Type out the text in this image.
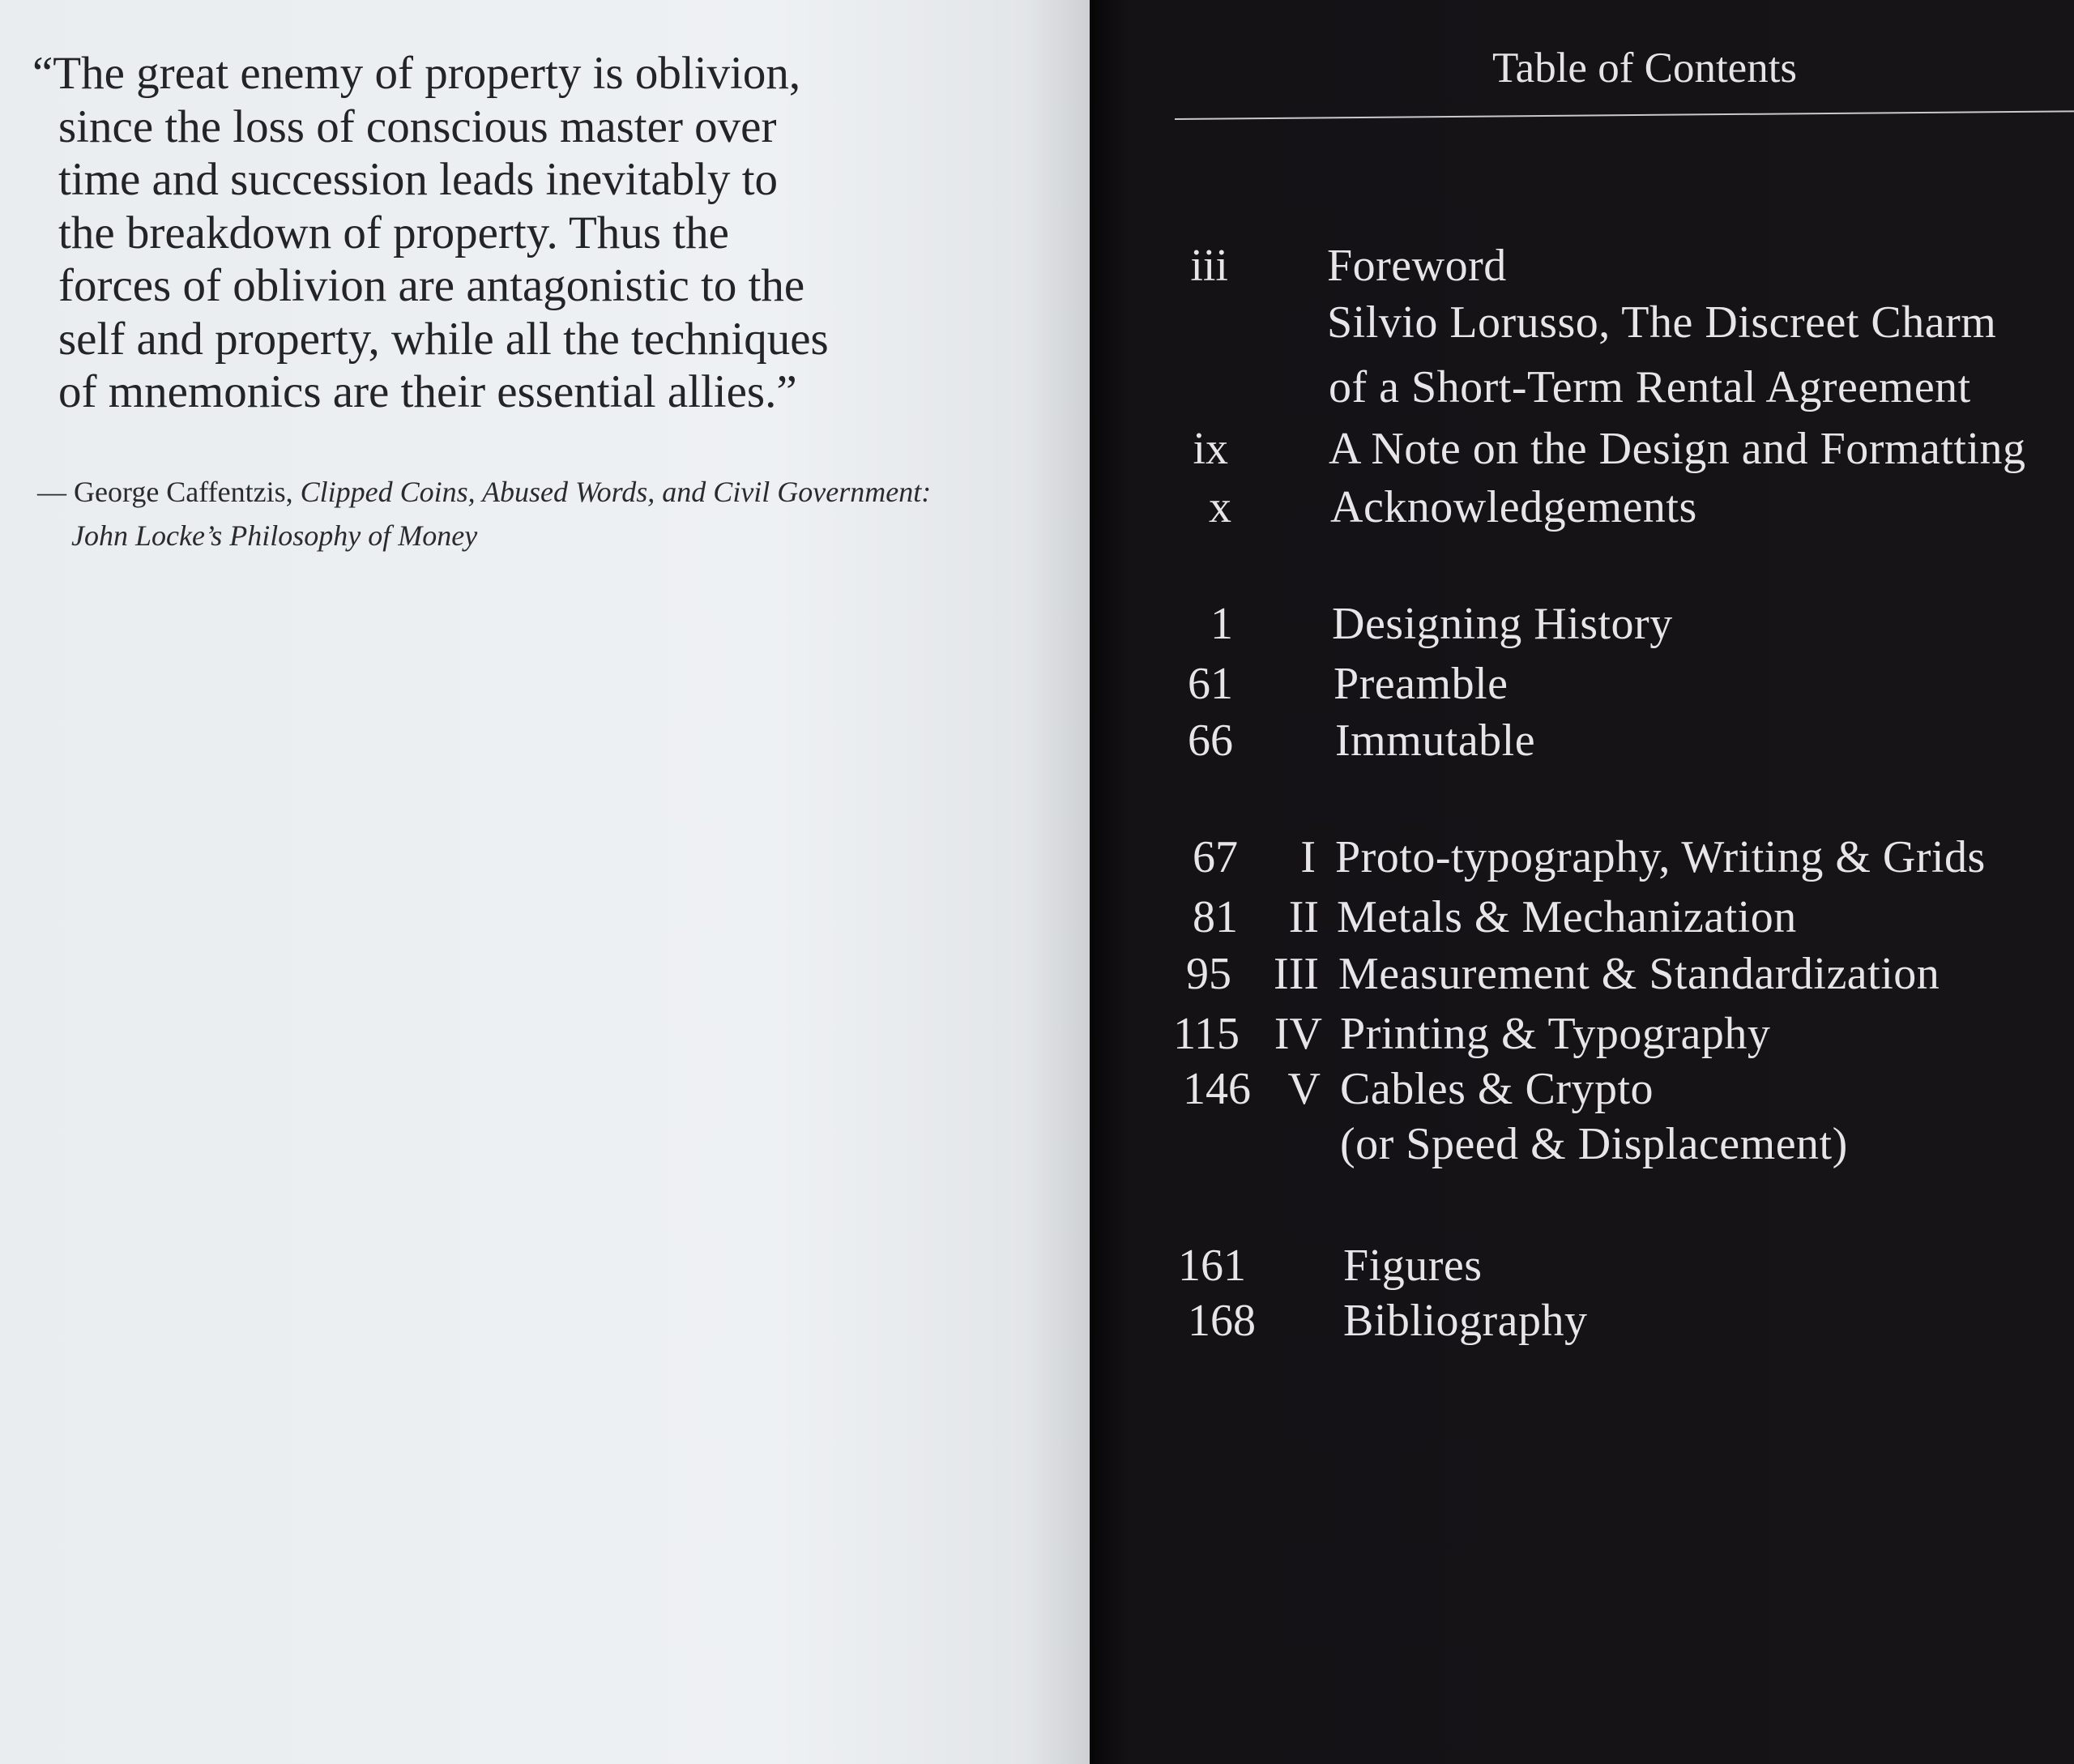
“The great enemy of property is oblivion,
since the loss of conscious master over
time and succession leads inevitably to
the breakdown of property. Thus the
forces of oblivion are antagonistic to the
self and property, while all the techniques
of mnemonics are their essential allies.”
— George Caffentzis, Clipped Coins, Abused Words, and Civil Government:
John Locke’s Philosophy of Money
Table of Contents
iii Foreword
Silvio Lorusso, The Discreet Charm
of a Short-Term Rental Agreement
ix A Note on the Design and Formatting
x Acknowledgements
1 Designing History
61 Preamble
66 Immutable
67	I Proto-typography, Writing & Grids
81	II Metals & Mechanization
95 III Measurement & Standardization
115 IV Printing & Typography
146 V Cables & Crypto
(or Speed & Displacement)
161 Figures
168 Bibliography
